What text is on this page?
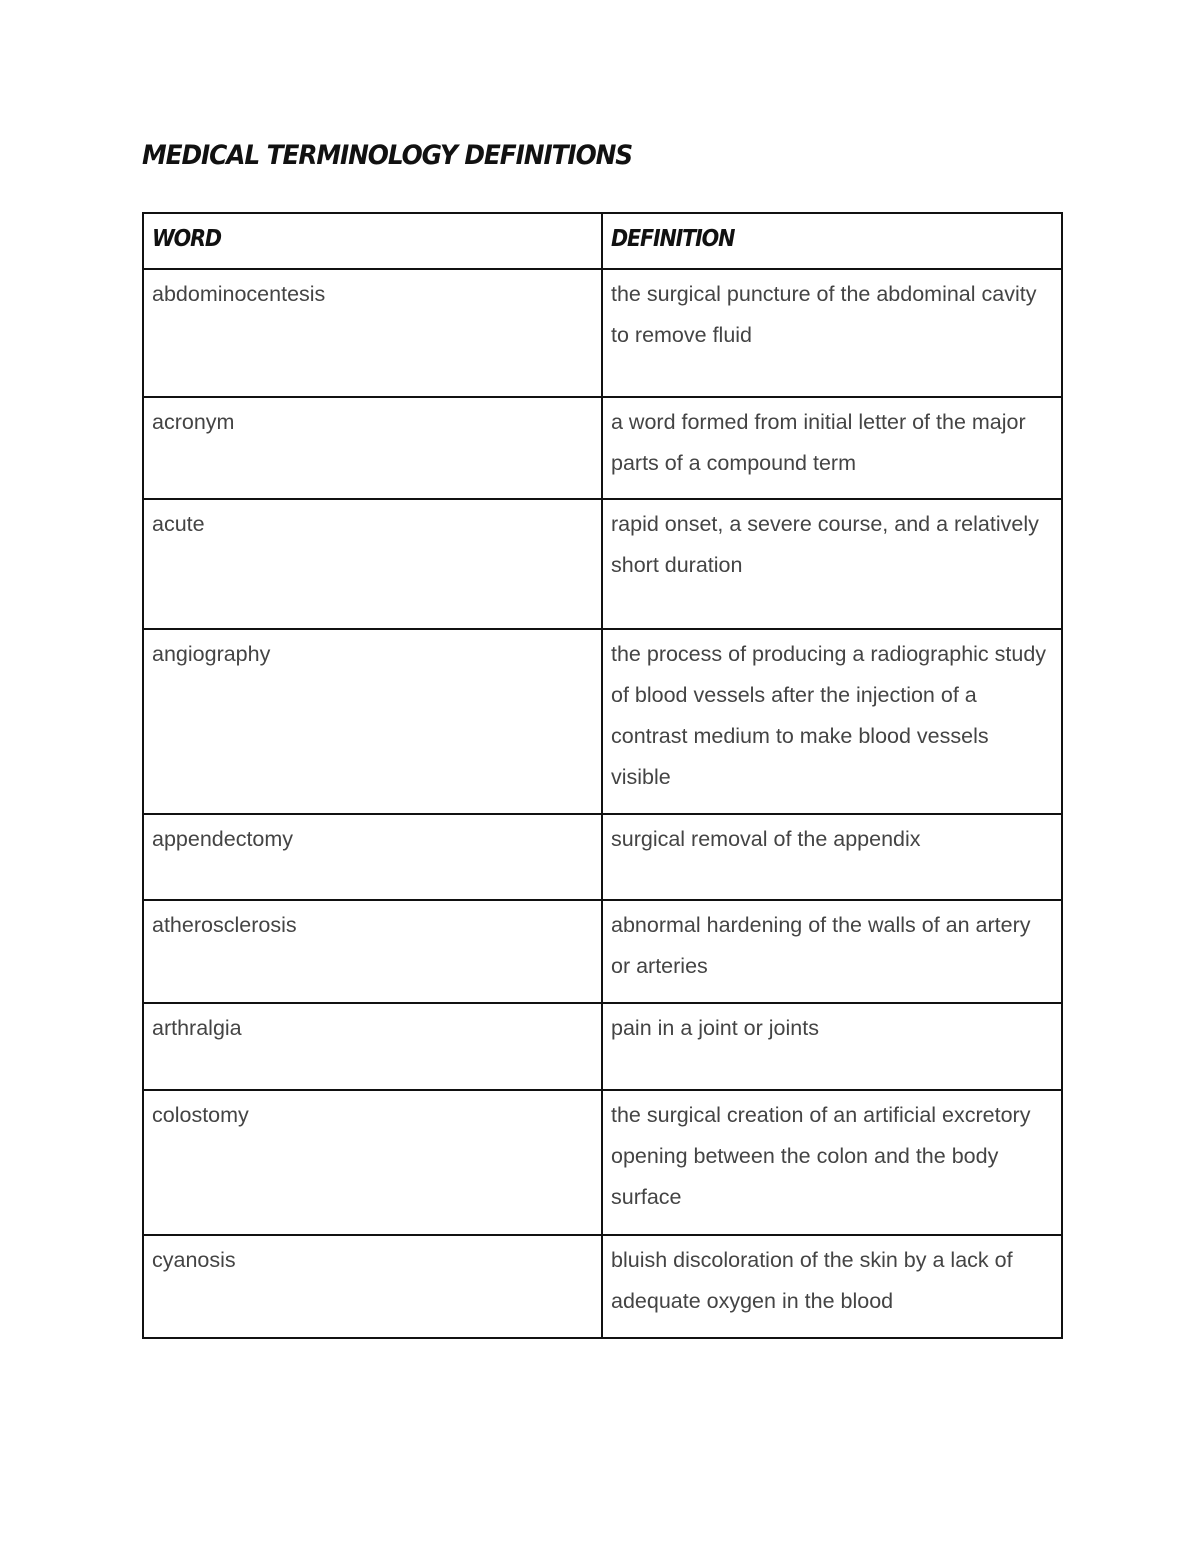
MEDICAL TERMINOLOGY DEFINITIONS
WORD	DEFINITION

abdominocentesis	the surgical puncture of the abdominal cavity to remove fluid

acronym	a word formed from initial letter of the major parts of a compound term

acute	rapid onset, a severe course, and a relatively short duration

angiography	the process of producing a radiographic study of blood vessels after the injection of a contrast medium to make blood vessels visible

appendectomy	surgical removal of the appendix

atherosclerosis	abnormal hardening of the walls of an artery or arteries

arthralgia	pain in a joint or joints

colostomy	the surgical creation of an artificial excretory opening between the colon and the body surface

cyanosis	bluish discoloration of the skin by a lack of adequate oxygen in the blood
